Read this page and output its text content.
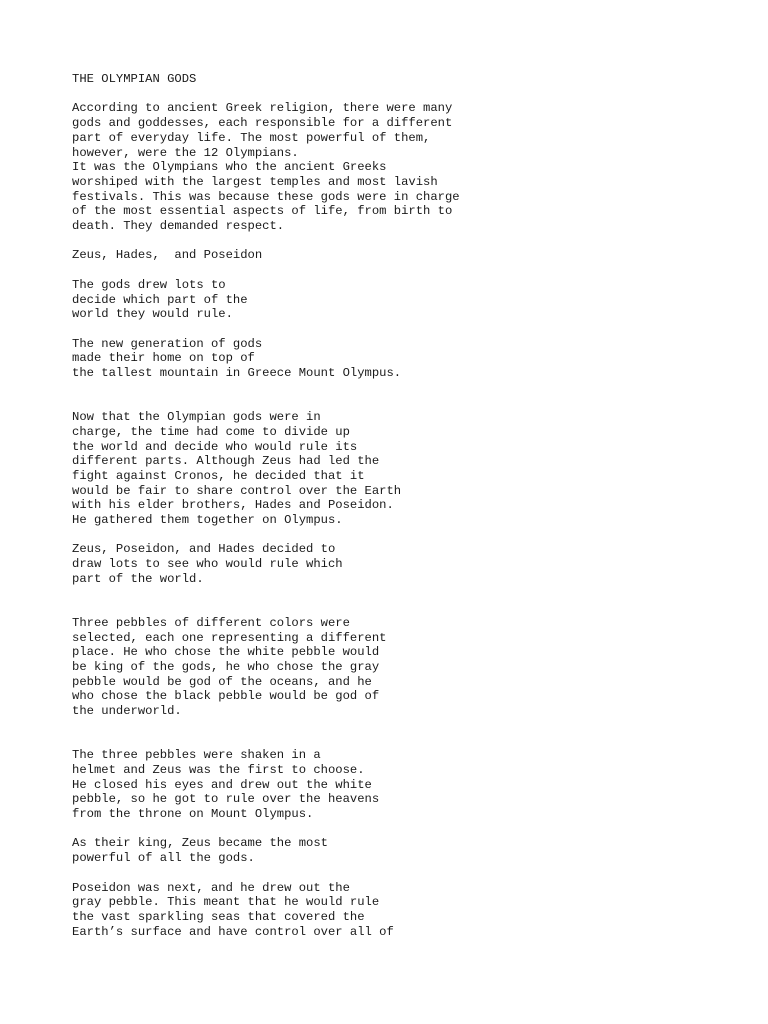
THE OLYMPIAN GODS

According to ancient Greek religion, there were many
gods and goddesses, each responsible for a different
part of everyday life. The most powerful of them,
however, were the 12 Olympians.
It was the Olympians who the ancient Greeks
worshiped with the largest temples and most lavish
festivals. This was because these gods were in charge
of the most essential aspects of life, from birth to
death. They demanded respect.

Zeus, Hades,  and Poseidon

The gods drew lots to
decide which part of the
world they would rule.

The new generation of gods
made their home on top of
the tallest mountain in Greece Mount Olympus.

Now that the Olympian gods were in
charge, the time had come to divide up
the world and decide who would rule its
different parts. Although Zeus had led the
fight against Cronos, he decided that it
would be fair to share control over the Earth
with his elder brothers, Hades and Poseidon.
He gathered them together on Olympus.

Zeus, Poseidon, and Hades decided to
draw lots to see who would rule which
part of the world.

Three pebbles of different colors were
selected, each one representing a different
place. He who chose the white pebble would
be king of the gods, he who chose the gray
pebble would be god of the oceans, and he
who chose the black pebble would be god of
the underworld.

The three pebbles were shaken in a
helmet and Zeus was the first to choose.
He closed his eyes and drew out the white
pebble, so he got to rule over the heavens
from the throne on Mount Olympus.

As their king, Zeus became the most
powerful of all the gods.

Poseidon was next, and he drew out the
gray pebble. This meant that he would rule
the vast sparkling seas that covered the
Earth’s surface and have control over all of
